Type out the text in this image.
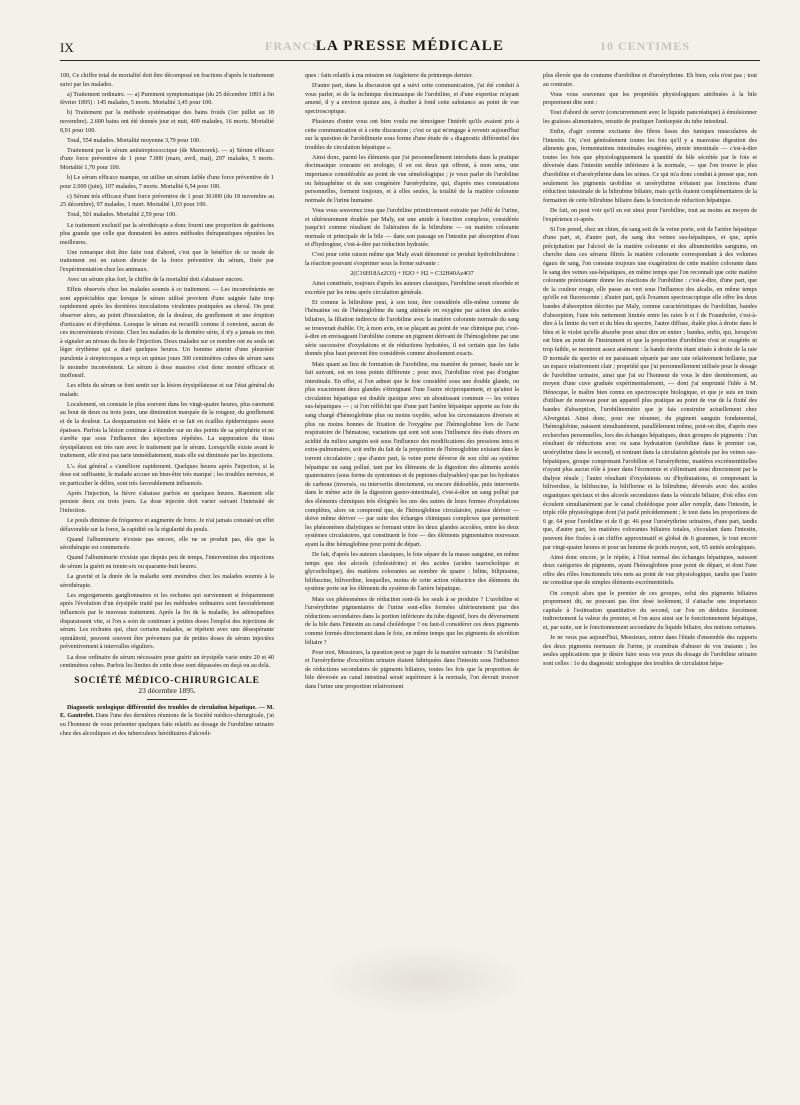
IX	FRANCS
LA PRESSE MÉDICALE	10 CENTIMES

100, Ce chiffre total de mortalité doit être décomposé en fractions d'après le traitement suivi par les malades.

a) Traitement ordinaire. — a) Purement symptomatique (du 25 décembre 1893 à fin février 1895) : 145 malades, 5 morts. Mortalité 3,45 pour 100.

b) Traitement par la méthode systématique des bains froids (1er juillet au 18 novembre). 2.600 bains ont été donnés jour et nuit, 409 malades, 16 morts. Mortalité 8,91 pour 100.

Total, 554 malades. Mortalité moyenne 3,79 pour 100.

Traitement par le sérum antistreptococcique (de Marmorek). — a) Sérum efficace d'une force préventive de 1 pour 7.000 (mars, avril, mai), 297 malades, 5 morts. Mortalité 1,70 pour 100.

b) Le sérum efficace manque, on utilise un sérum faible d'une force préventive de 1 pour 2.000 (juin), 107 malades, 7 morts. Mortalité 6,54 pour 100.

c) Sérum très efficace d'une force préventive de 1 pour 30.000 (du 18 novembre au 25 décembre), 97 malades, 1 mort. Mortalité 1,03 pour 100.

Total, 501 malades. Mortalité 2,59 pour 100.

Le traitement exclusif par la sérothérapie a donc fourni une proportion de guérisons plus grande que celle que donnaient les autres méthodes thérapeutiques réputées les meilleures.

Une remarque doit être faite tout d'abord, c'est que le bénéfice de ce mode de traitement est en raison directe de la force préventive du sérum, fixée par l'expérimentation chez les animaux.

Avec un sérum plus fort, le chiffre de la mortalité doit s'abaisser encore.

Effets observés chez les malades soumis à ce traitement. — Les inconvénients ne sont appréciables que lorsque le sérum utilisé provient d'une saignée faite trop rapidement après les dernières inoculations virulentes pratiquées au cheval. On peut observer alors, au point d'inoculation, de la douleur, du gonflement et une éruption d'urticaire et d'érythème. Lorsque le sérum est recueilli comme il convient, aucun de ces inconvénients n'existe. Chez les malades de la dernière série, il n'y a jamais eu rien à signaler au niveau du lieu de l'injection. Deux malades sur ce nombre ont eu seuls un léger érythème qui a duré quelques heures. Un homme atteint d'une pleurésie purulente à streptocoques a reçu en quinze jours 300 centimètres cubes de sérum sans le moindre inconvénient. Le sérum à dose massive s'est donc montré efficace et inoffensif.

Les effets du sérum se font sentir sur la lésion érysipélateuse et sur l'état général du malade.

Localement, on constate le plus souvent dans les vingt-quatre heures, plus rarement au bout de deux ou trois jours, une diminution marquée de la rougeur, du gonflement et de la douleur. La desquamation est hâtée et se fait en écailles épidermiques assez épaisses. Parfois la lésion continue à s'étendre sur un des points de sa périphérie et ne s'arrête que sous l'influence des injections répétées. La suppuration du tissu érysipélateux est très rare avec le traitement par le sérum. Lorsqu'elle existe avant le traitement, elle n'est pas tarie immédiatement, mais elle est diminuée par les injections.

L'« état général » s'améliore rapidement. Quelques heures après l'injection, si la dose est suffisante, le malade accuse un bien-être très marqué ; les troubles nerveux, et en particulier le délire, sont très favorablement influencés.

Après l'injection, la fièvre s'abaisse parfois en quelques heures. Rarement elle persiste deux ou trois jours. La dose injectée doit varier suivant l'intensité de l'infection.

Le pouls diminue de fréquence et augmente de force. Je n'ai jamais constaté un effet défavorable sur la force, la rapidité ou la régularité du pouls.

Quand l'albuminurie n'existe pas encore, elle ne se produit pas, dès que la sérothérapie est commencée.

Quand l'albuminurie n'existe que depuis peu de temps, l'intervention des injections de sérum la guérit en trente-six ou quarante-huit heures.

La gravité et la durée de la maladie sont moindres chez les malades soumis à la sérothérapie.

Les engorgements ganglionnaires et les rechutes qui surviennent si fréquemment après l'évolution d'un érysipèle traité par les méthodes ordinaires sont favorablement influencés par le nouveau traitement. Après la fin de la maladie, les adénopathies disparaissent vite, si l'on a soin de continuer à petites doses l'emploi des injections de sérum. Les rechutes qui, chez certains malades, se répètent avec une désespérante opiniâtreté, peuvent souvent être prévenues par de petites doses de sérum injectées préventivement à intervalles réguliers.

La dose ordinaire de sérum nécessaire pour guérir un érysipèle varie entre 20 et 40 centimètres cubes. Parfois les limites de cette dose sont dépassées en deçà ou au delà.

SOCIÉTÉ MÉDICO-CHIRURGICALE
23 décembre 1895.

Diagnostic urologique différentiel des troubles de circulation hépatique. — M. E. Gautrelet. Dans l'une des dernières réunions de la Société médico-chirurgicale, j'ai eu l'honneur de vous présenter quelques faits relatifs au dosage de l'urobiline urinaire chez des alcooliques et des tuberculeux héréditaires d'alcooli-

ques : faits relatifs à ma mission en Angleterre du printemps dernier.

D'autre part, dans la discussion qui a suivi cette communication, j'ai été conduit à vous parler, et de la technique docimasique de l'urobiline, et d'une expertise m'ayant amené, il y a environ quinze ans, à étudier à fond cette substance au point de vue spectroscopique.

Plusieurs d'entre vous ont bien voulu me témoigner l'intérêt qu'ils avaient pris à cette communication et à cette discussion ; c'est ce qui m'engage à revenir aujourd'hui sur la question de l'urobilinurie sous forme d'une étude de « diagnostic différentiel des troubles de circulation hépatique ».

Ainsi donc, parmi les éléments que j'ai personnellement introduits dans la pratique docimasique courante en urologie, il en est deux qui offrent, à mon sens, une importance considérable au point de vue séméiologique ; je veux parler de l'urobiline ou hémaphéine et de son congénère l'uroérythrine, qui, d'après mes constatations personnelles, forment toujours, et à elles seules, la totalité de la matière colorante normale de l'urine humaine.

Vous vous souvenez tous que l'urobiline primitivement extraite par Joffé de l'urine, et ultérieurement étudiée par Maly, est une amide à fonction complexe, considérée jusqu'ici comme résultant de l'altération de la bilirubine — ou matière colorante normale et principale de la bile — dans son passage en l'intestin par absorption d'eau et d'hydrogène, c'est-à-dire par réduction hydratée.

C'est pour cette raison même que Maly avait dénommé ce produit hydrobilirubine : la réaction pouvant s'exprimer sous la forme suivante :

2(C16H18Az2O3) + H2O + H2 = C32H40Az4O7

Ainsi constituée, toujours d'après les auteurs classiques, l'urobiline serait résorbée et excrétée par les reins après circulation générale.

Et comme la bilirubine peut, à son tour, être considérée elle-même comme de l'hématine ou de l'hémoglobine du sang atténuée en oxygène par action des acides biliaires, la filiation indirecte de l'urobiline avec la matière colorante normale du sang se trouverait établie. Or, à mon avis, en se plaçant au point de vue chimique pur, c'est-à-dire en envisageant l'urobiline comme un pigment dérivant de l'hémoglobine par une série successive d'oxydations et de réductions hydratées, il est certain que les faits donnés plus haut peuvent être considérés comme absolument exacts.

Mais quant au lieu de formation de l'urobiline, ma manière de penser, basée sur le fait suivant, est en tous points différente ; pour moi, l'urobiline n'est pas d'origine intestinale. En effet, si l'on admet que le foie considéré sous une double glande, ou plus exactement deux glandes s'étreignant l'une l'autre réciproquement, et qu'ainsi la circulation hépatique est double quoique avec un aboutissant commun — les veines sus-hépatiques — ; si l'on réfléchit que d'une part l'artère hépatique apporte au foie du sang chargé d'hémoglobine plus ou moins oxydée, selon les circonstances diverses et plus ou moins bonnes de fixation de l'oxygène par l'hémoglobine lors de l'acte respiratoire de l'hématose, variations qui sont soit sous l'influence des états divers en acidité du milieu sanguin soit sous l'influence des modifications des pressions intra et extra-pulmonaires, soit enfin du fait de la proportion de l'hémoglobine existant dans le torrent circulatoire ; que d'autre part, la veine porte déverse de son côté au système hépatique un sang pollué, tant par les éléments de la digestion des aliments azotés quaternaires (sous forme de syntonines et de peptones dialysables) que par les hydrates de carbone (inversés, ou intervertis directement, ou encore dédoublés, puis intervertis dans le même acte de la digestion gastro-intestinale), c'est-à-dire un sang pollué par des éléments chimiques très éloignés les uns des autres de leurs formes d'oxydations complètes, alors on comprend que, de l'hémoglobine circulatoire, puisse dériver — doive même dériver — par suite des échanges chimiques complexes que permettent les phénomènes dialytiques se formant entre les deux glandes accolées, entre les deux systèmes circulatoires, qui constituent le foie — des éléments pigmentaires nouveaux ayant la dite hémoglobine pour point de départ.

De fait, d'après les auteurs classiques, le foie sépare de la masse sanguine, en même temps que des alcools (cholestérine) et des acides (acides taurocholique et glycocholique), des matières colorantes au nombre de quatre : biline, biliprasine, bilifuscine, biliverdine, lesquelles, moins de cette action réductrice des éléments du système porte sur les éléments du système de l'artère hépatique.

Mais ces phénomènes de réduction sont-ils les seuls à se produire ? L'urobiline et l'uroérythrine pigmentaires de l'urine sont-elles formées ultérieurement par des réductions secondaires dans la portion inférieure du tube digestif, hors du déversement de la bile dans l'intestin au canal cholédoque ? ou faut-il considérer ces deux pigments comme formés directement dans le foie, en même temps que les pigments de sécrétion biliaire ?

Pour moi, Messieurs, la question peut se juger de la manière suivante : Si l'urobiline et l'uroérythrine d'excrétion urinaire étaient fabriquées dans l'intestin sous l'influence de réductions secondaires de pigments biliaires, toutes les fois que la proportion de bile déversée au canal intestinal serait supérieure à la normale, l'on devrait trouver dans l'urine une proportion relativement

plus élevée que de coutume d'urobiline et d'uroérythrine. Eh bien, cela n'est pas ; tout au contraire.

Vous vous souvenez que les propriétés physiologiques attribuées à la bile proprement dite sont :

Tout d'abord de servir (concurremment avec le liquide pancréatique) à émulsionner les graisses alimentaires, ensuite de pratiquer l'antisepsie du tube intestinal.

Enfin, d'agir comme excitante des fibres lisses des tuniques musculaires de l'intestin. Or, c'est généralement toutes les fois qu'il y a mauvaise digestion des aliments gras, fermentations intestinales exagérées, atonie intestinale — c'est-à-dire toutes les fois que physiologiquement la quantité de bile sécrétée par le foie et déversée dans l'intestin semble inférieure à la normale, — que l'on trouve le plus d'urobiline et d'uroérythrine dans les urines. Ce qui m'a donc conduit à penser que, non seulement les pigments urobiline et uroérythrine n'étaient pas fonctions d'une réduction intestinale de la bilirubine biliaire, mais qu'ils étaient complémentaires de la formation de cette bilirubine biliaire dans la fonction de réduction hépatique.

De fait, on peut voir qu'il en est ainsi pour l'urobiline, tout au moins au moyen de l'expérience ci-après.

Si l'on prend, chez un chien, du sang soit de la veine porte, soit de l'artère hépatique d'une part, et, d'autre part, du sang des veines sus-hépatiques, et que, après précipitation par l'alcool de la matière colorante et des albuminoïdes sanguins, on cherche dans ces sérums filtrés la matière colorante correspondant à des volumes égaux de sang, l'on constate toujours une exagération de cette matière colorante dans le sang des veines sus-hépatiques, en même temps que l'on reconnaît que cette matière colorante préexistante donne les réactions de l'urobiline : c'est-à-dire, d'une part, que de la couleur rouge, elle passe au vert sous l'influence des alcalis, en même temps qu'elle est fluorescente ; d'autre part, qu'à l'examen spectroscopique elle offre les deux bandes d'absorption décrites par Maly, comme caractéristiques de l'urobiline, bandes d'absorption, l'une très nettement limitée entre les raies b et f de Fraunhofer, c'est-à-dire à la limite du vert et du bleu du spectre, l'autre diffuse, étalée plus à droite dans le bleu et le violet qu'elle absorbe pour ainsi dire en entier ; bandes, enfin, qui, lorsqu'on est bien au point de l'instrument et que la proportion d'urobiline n'est ni exagérée ni trop faible, se montrent assez aisément : la bande étroite étant située à droite de la raie D normale du spectre et en paraissant séparée par une raie relativement brillante, par un espace relativement clair ; propriété que j'ai personnellement utilisée pour le dosage de l'urobiline urinaire, ainsi que j'ai eu l'honneur de vous le dire dernièrement, au moyen d'une cuve graduée expérimentalement, — dont j'ai emprunté l'idée à M. Hénocque, le maître bien connu en spectroscopie biologique, et que je suis en train d'utiliser de nouveau pour un appareil plus pratique au point de vue de la fixité des bandes d'absorption, l'urobilinomètre que je fais construire actuellement chez Alvergniat. Ainsi donc, pour me résumer, du pigment sanguin fondamental, l'hémoglobine, naissent simultanément, parallèlement même, peut-on dire, d'après mes recherches personnelles, lors des échanges hépatiques, deux groupes de pigments : l'un résultant de réductions avec ou sans hydratation (urobiline dans le premier cas, uroérythrine dans le second), et rentrant dans la circulation générale par les veines sus-hépatiques, groupe comprenant l'urobiline et l'uroérythrine, matières excrémentitielles n'ayant plus aucun rôle à jouer dans l'économie et s'éliminant ainsi directement par la dialyse rénale ; l'autre résultant d'oxydations ou d'hydratations, et comprenant la biliverdine, la bilifuscine, la biliflorine et la bilirubine, déversés avec des acides organiques spéciaux et des alcools secondaires dans la vésicule biliaire, d'où elles s'en écoulent simultanément par le canal cholédoque pour aller remplir, dans l'intestin, le triple rôle physiologique dont j'ai parlé précédemment ; le tout dans les proportions de 6 gr. 64 pour l'urobiline et de 0 gr. 46 pour l'uroérythrine urinaires, d'une part, tandis que, d'autre part, les matières colorantes biliaires totales, s'écoulant dans l'intestin, peuvent être fixées à un chiffre approximatif et global de 6 grammes, le tout encore par vingt-quatre heures et pour un homme de poids moyen, soit, 65 unités urologiques.

Ainsi donc encore, je le répète, à l'état normal des échanges hépatiques, naissent deux catégories de pigments, ayant l'hémoglobine pour point de départ, et dont l'une offre des rôles fonctionnels très nets au point de vue physiologique, tandis que l'autre ne constitue que de simples éléments excrémentitiels.

On conçoit alors que le premier de ces groupes, celui des pigments biliaires proprement dit, ne pouvant pas être dosé isolément, il s'attache une importance capitale à l'estimation quantitative du second, car l'on en déduira forcément indirectement la valeur du premier, et l'on aura ainsi sur le fonctionnement hépatique, et, par suite, sur le fonctionnement secondaire du liquide biliaire, des notions certaines.

Je ne veux pas aujourd'hui, Messieurs, entrer dans l'étude d'ensemble des rapports des deux pigments normaux de l'urine, je craindrais d'abuser de vos instants ; les seules applications que je désire faire sous vos yeux du dosage de l'urobiline urinaire sont celles : 1o du diagnostic urologique des troubles de circulation hépa-
